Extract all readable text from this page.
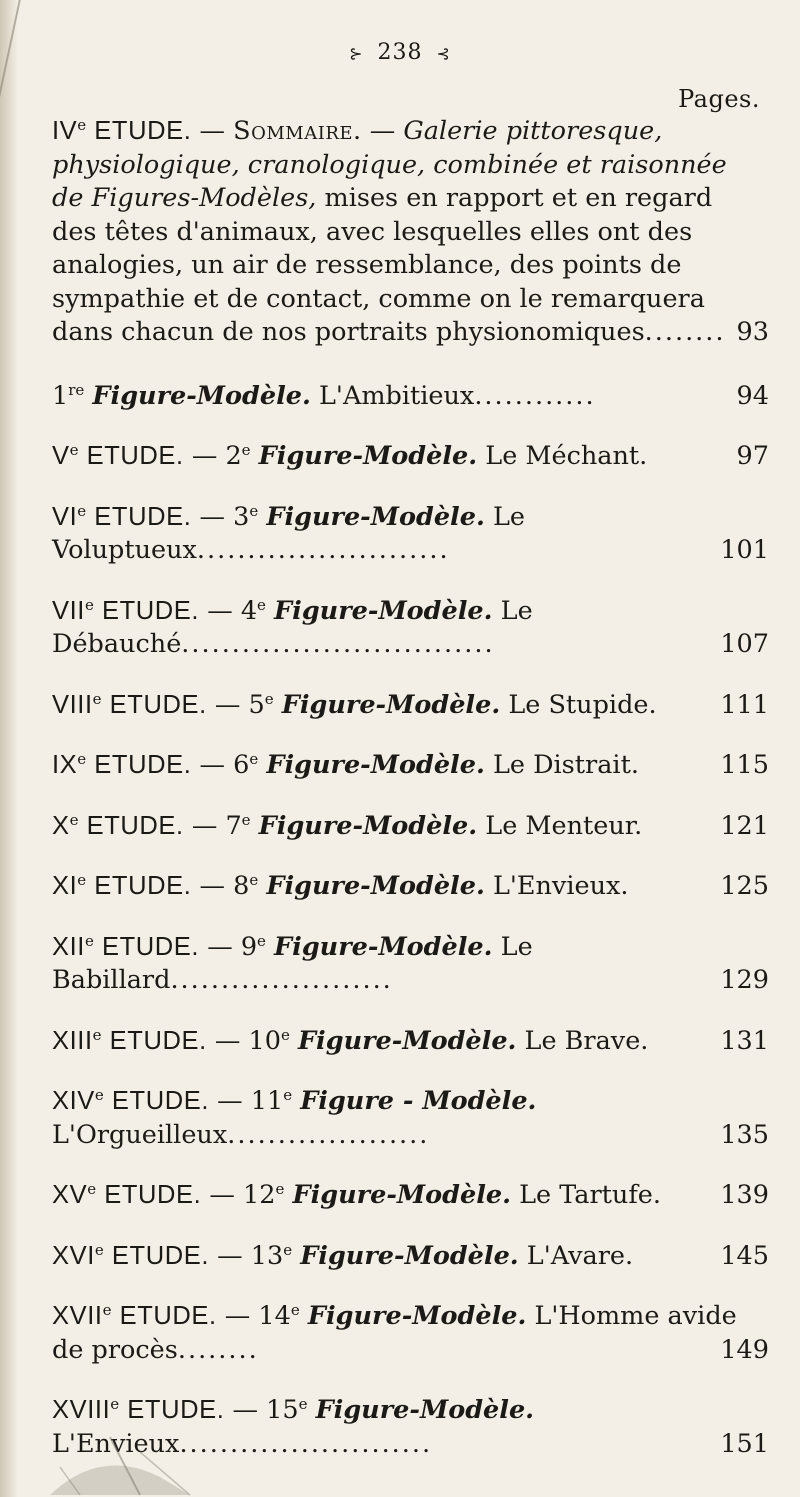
⊱ 238 ⊰
Pages.
IVe ETUDE. — Sommaire. — Galerie pittoresque, physiologique, cranologique, combinée et raisonnée de Figures-Modèles, mises en rapport et en regard des têtes d'animaux, avec lesquelles elles ont des analogies, un air de ressemblance, des points de sympathie et de contact, comme on le remarquera dans chacun de nos portraits physionomiques........ 93
1re Figure-Modèle. L'Ambitieux............	94
Ve ETUDE. — 2e Figure-Modèle. Le Méchant.	97
VIe ETUDE. — 3e Figure-Modèle. Le Voluptueux.........................	101
VIIe ETUDE. — 4e Figure-Modèle. Le Débauché...............................	107
VIIIe ETUDE. — 5e Figure-Modèle. Le Stupide.	111
IXe ETUDE. — 6e Figure-Modèle. Le Distrait.	115
Xe ETUDE. — 7e Figure-Modèle. Le Menteur.	121
XIe ETUDE. — 8e Figure-Modèle. L'Envieux.	125
XIIe ETUDE. — 9e Figure-Modèle. Le Babillard......................	129
XIIIe ETUDE. — 10e Figure-Modèle. Le Brave.	131
XIVe ETUDE. — 11e Figure - Modèle. L'Orgueilleux....................	135
XVe ETUDE. — 12e Figure-Modèle. Le Tartufe.	139
XVIe ETUDE. — 13e Figure-Modèle. L'Avare.	145
XVIIe ETUDE. — 14e Figure-Modèle. L'Homme avide de procès........	149
XVIIIe ETUDE. — 15e Figure-Modèle. L'Envieux.........................	151
